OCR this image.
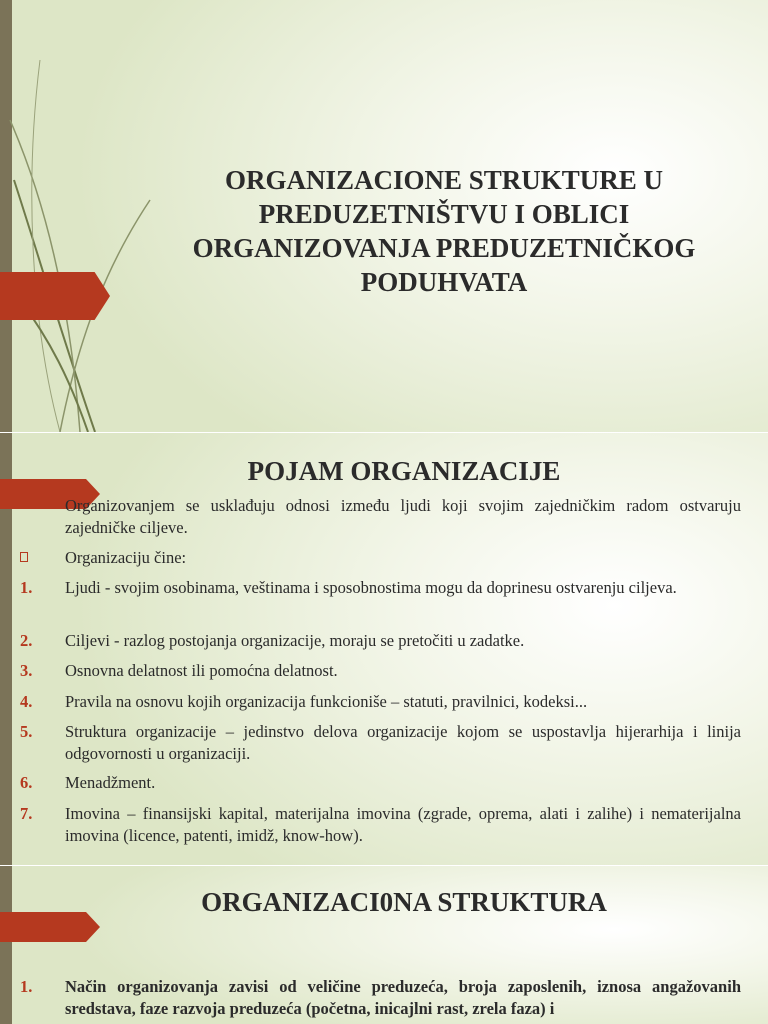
ORGANIZACIONE STRUKTURE U PREDUZETNIŠTVU I OBLICI ORGANIZOVANJA PREDUZETNIČKOG PODUHVATA
POJAM ORGANIZACIJE
Organizovanjem se usklađuju odnosi između ljudi koji svojim zajedničkim radom ostvaruju zajedničke ciljeve.
Organizaciju čine:
1. Ljudi - svojim osobinama, veštinama i sposobnostima mogu da doprinesu ostvarenju ciljeva.
2. Ciljevi - razlog postojanja organizacije, moraju se pretočiti u zadatke.
3. Osnovna delatnost ili pomoćna delatnost.
4. Pravila na osnovu kojih organizacija funkcioniše – statuti, pravilnici, kodeksi...
5. Struktura organizacije – jedinstvo delova organizacije kojom se uspostavlja hijerarhija i linija odgovornosti u organizaciji.
6. Menadžment.
7. Imovina – finansijski kapital, materijalna imovina (zgrade, oprema, alati i zalihe) i nematerijalna imovina (licence, patenti, imidž, know-how).
ORGANIZACI0NA STRUKTURA
1. Način organizovanja zavisi od veličine preduzeća, broja zaposlenih, iznosa angažovanih sredstava, faze razvoja preduzeća (početna, inicajlni rast, zrela faza) i
